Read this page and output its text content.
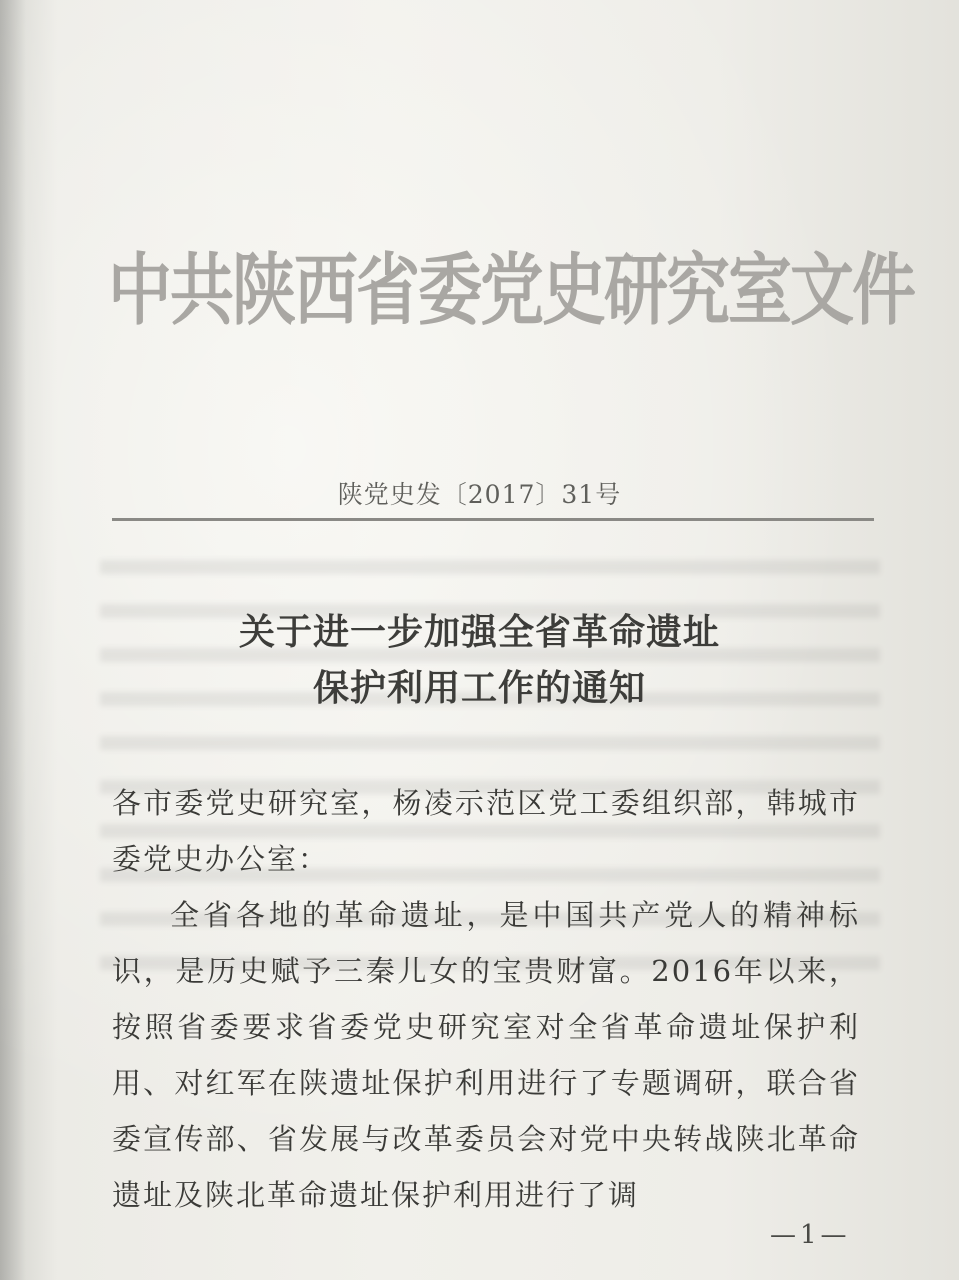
中共陕西省委党史研究室文件
陕党史发〔2017〕31号
关于进一步加强全省革命遗址
保护利用工作的通知

各市委党史研究室，杨凌示范区党工委组织部，韩城市委党史办公室：

全省各地的革命遗址，是中国共产党人的精神标识，是历史赋予三秦儿女的宝贵财富。2016年以来，按照省委要求省委党史研究室对全省革命遗址保护利用、对红军在陕遗址保护利用进行了专题调研，联合省委宣传部、省发展与改革委员会对党中央转战陕北革命遗址及陕北革命遗址保护利用进行了调

—1—
